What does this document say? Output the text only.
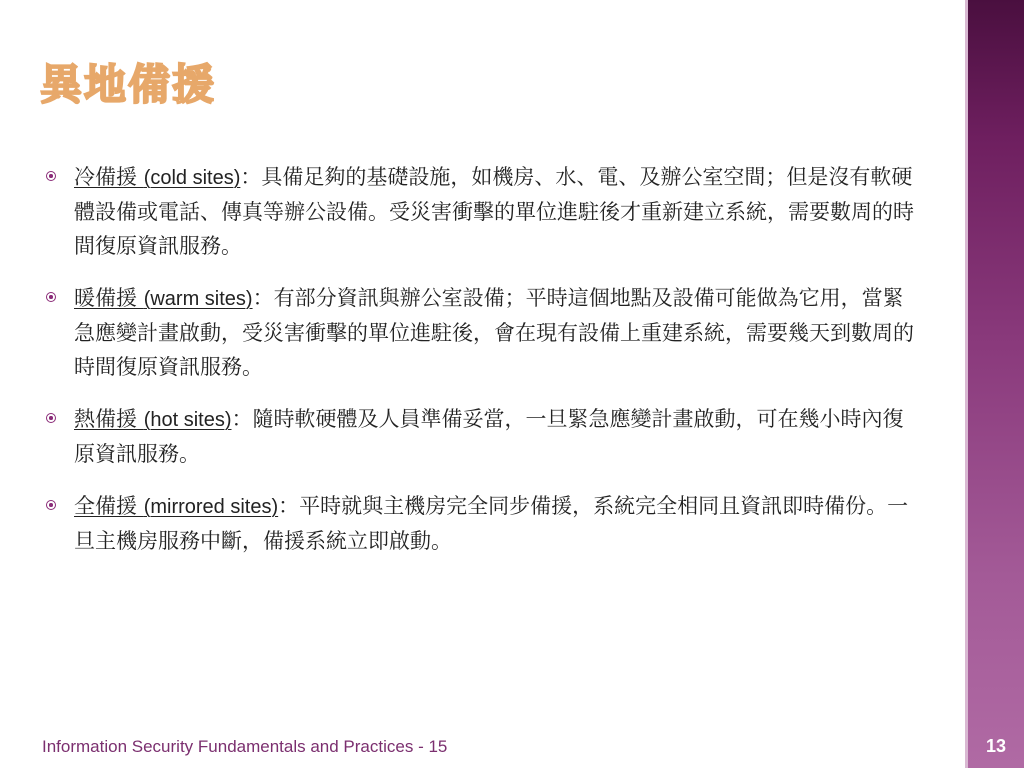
13
異地備援
冷備援 (cold sites)：具備足夠的基礎設施，如機房、水、電、及辦公室空間；但是沒有軟硬體設備或電話、傳真等辦公設備。受災害衝擊的單位進駐後才重新建立系統，需要數周的時間復原資訊服務。
暖備援 (warm sites)：有部分資訊與辦公室設備；平時這個地點及設備可能做為它用，當緊急應變計畫啟動，受災害衝擊的單位進駐後，會在現有設備上重建系統，需要幾天到數周的時間復原資訊服務。
熱備援 (hot sites)：隨時軟硬體及人員準備妥當，一旦緊急應變計畫啟動，可在幾小時內復原資訊服務。
全備援 (mirrored sites)：平時就與主機房完全同步備援，系統完全相同且資訊即時備份。一旦主機房服務中斷，備援系統立即啟動。
Information Security Fundamentals and Practices - 15
